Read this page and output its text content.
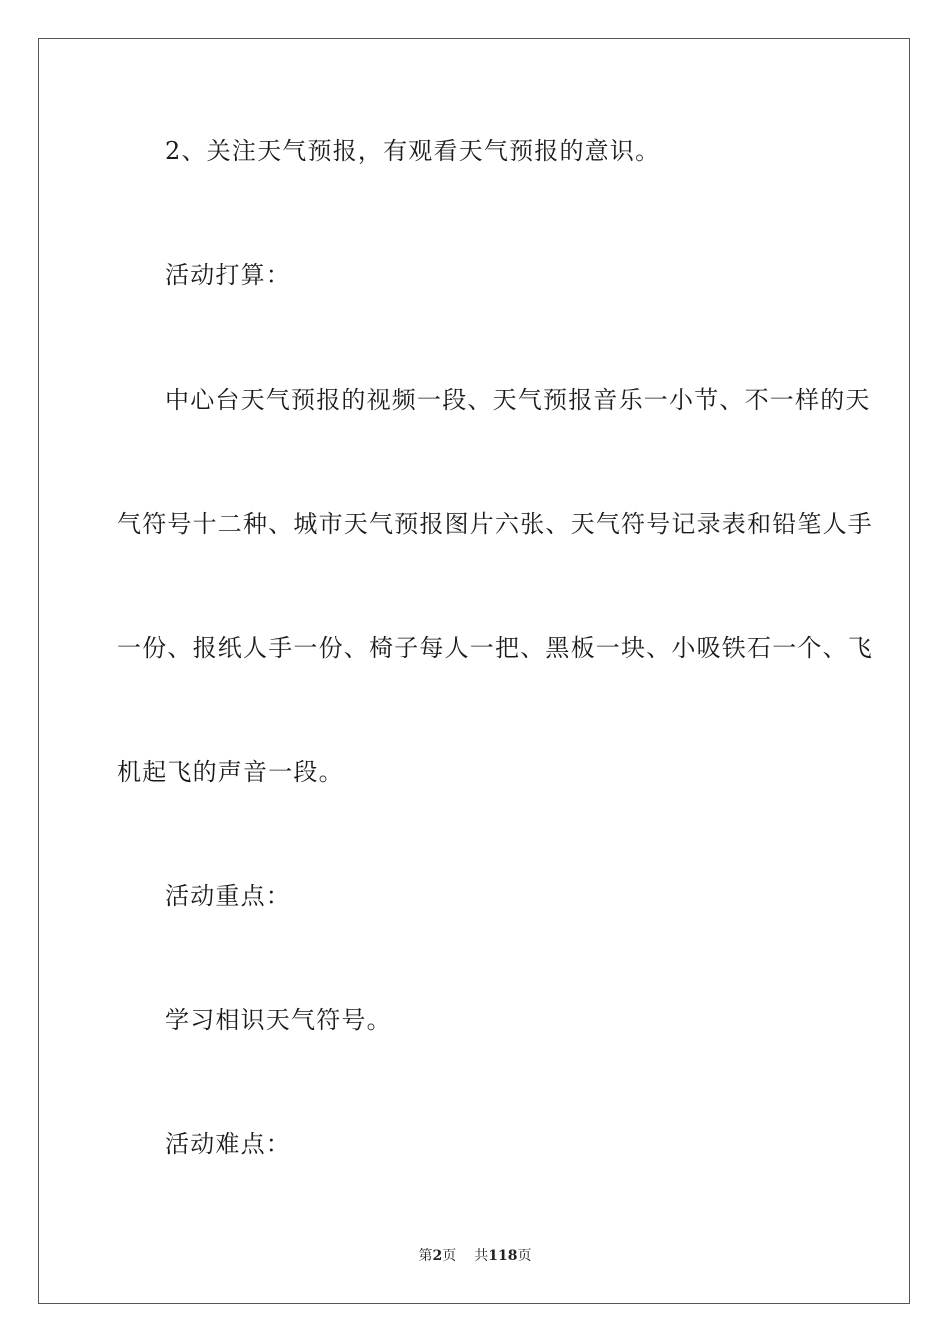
2、关注天气预报，有观看天气预报的意识。
活动打算：
中心台天气预报的视频一段、天气预报音乐一小节、不一样的天
气符号十二种、城市天气预报图片六张、天气符号记录表和铅笔人手
一份、报纸人手一份、椅子每人一把、黑板一块、小吸铁石一个、飞
机起飞的声音一段。
活动重点：
学习相识天气符号。
活动难点：
第2页 共118页
